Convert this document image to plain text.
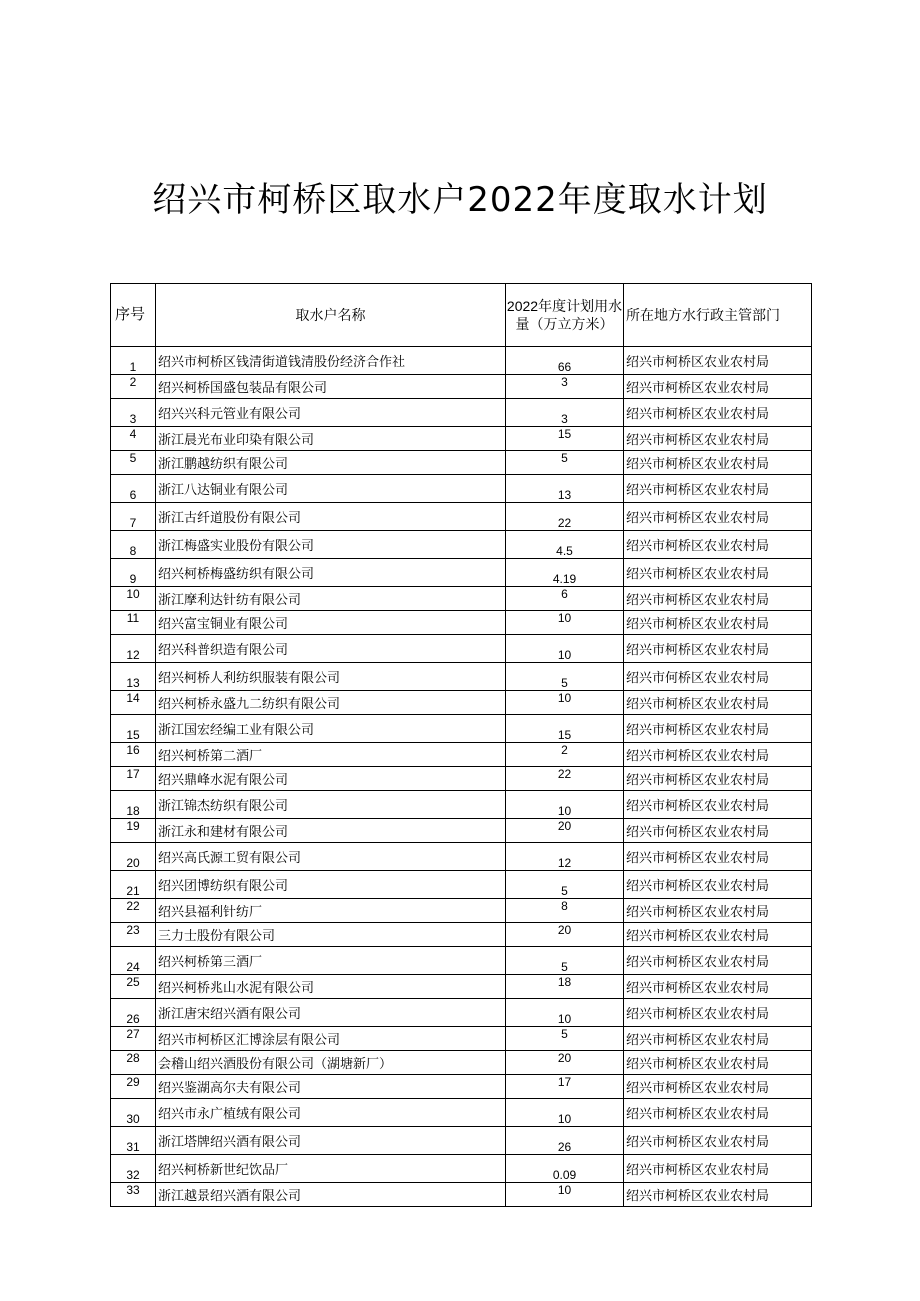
绍兴市柯桥区取水户2022年度取水计划
序号	取水户名称	2022年度计划用水量（万立方米）	所在地方水行政主管部门
1	绍兴市柯桥区钱清街道钱清股份经济合作社	66	绍兴市柯桥区农业农村局
2	绍兴柯桥国盛包装品有限公司	3	绍兴市柯桥区农业农村局
3	绍兴兴科元管业有限公司	3	绍兴市柯桥区农业农村局
4	浙江晨光布业印染有限公司	15	绍兴市柯桥区农业农村局
5	浙江鹏越纺织有限公司	5	绍兴市柯桥区农业农村局
6	浙江八达铜业有限公司	13	绍兴市柯桥区农业农村局
7	浙江古纤道股份有限公司	22	绍兴市柯桥区农业农村局
8	浙江梅盛实业股份有限公司	4.5	绍兴市柯桥区农业农村局
9	绍兴柯桥梅盛纺织有限公司	4.19	绍兴市柯桥区农业农村局
10	浙江摩利达针纺有限公司	6	绍兴市柯桥区农业农村局
11	绍兴富宝铜业有限公司	10	绍兴市柯桥区农业农村局
12	绍兴科普织造有限公司	10	绍兴市柯桥区农业农村局
13	绍兴柯桥人利纺织服装有限公司	5	绍兴市何桥区农业农村局
14	绍兴柯桥永盛九二纺织有限公司	10	绍兴市柯桥区农业农村局
15	浙江国宏经编工业有限公司	15	绍兴市柯桥区农业农村局
16	绍兴柯桥第二酒厂	2	绍兴市柯桥区农业农村局
17	绍兴鼎峰水泥有限公司	22	绍兴市柯桥区农业农村局
18	浙江锦杰纺织有限公司	10	绍兴市柯桥区农业农村局
19	浙江永和建材有限公司	20	绍兴市何桥区农业农村局
20	绍兴高氏源工贸有限公司	12	绍兴市柯桥区农业农村局
21	绍兴团博纺织有限公司	5	绍兴市柯桥区农业农村局
22	绍兴县福利针纺厂	8	绍兴市柯桥区农业农村局
23	三力士股份有限公司	20	绍兴市柯桥区农业农村局
24	绍兴柯桥第三酒厂	5	绍兴市柯桥区农业农村局
25	绍兴柯桥兆山水泥有限公司	18	绍兴市柯桥区农业农村局
26	浙江唐宋绍兴酒有限公司	10	绍兴市柯桥区农业农村局
27	绍兴市柯桥区汇博涂层有限公司	5	绍兴市柯桥区农业农村局
28	会稽山绍兴酒股份有限公司（湖塘新厂）	20	绍兴市柯桥区农业农村局
29	绍兴鉴湖高尔夫有限公司	17	绍兴市柯桥区农业农村局
30	绍兴市永广植绒有限公司	10	绍兴市柯桥区农业农村局
31	浙江塔牌绍兴酒有限公司	26	绍兴市柯桥区农业农村局
32	绍兴柯桥新世纪饮品厂	0.09	绍兴市柯桥区农业农村局
33	浙江越景绍兴酒有限公司	10	绍兴市柯桥区农业农村局
